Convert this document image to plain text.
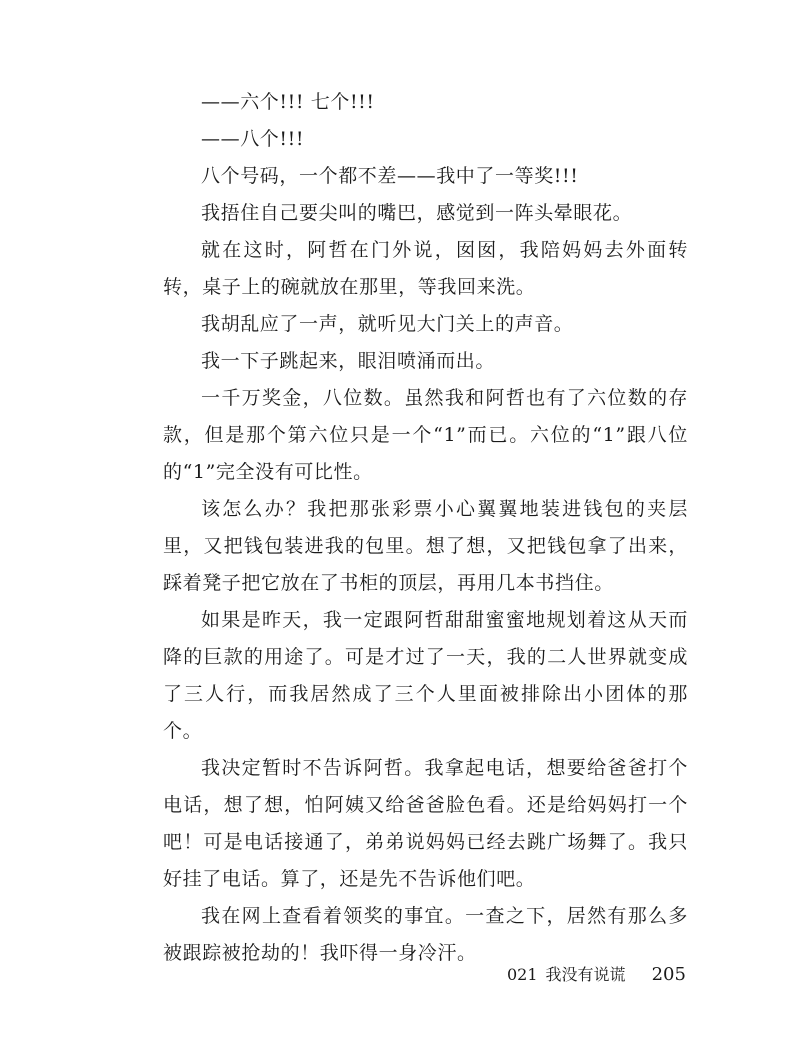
——六个!!! 七个!!!

——八个!!!

八个号码，一个都不差——我中了一等奖!!!

我捂住自己要尖叫的嘴巴，感觉到一阵头晕眼花。

就在这时，阿哲在门外说，囡囡，我陪妈妈去外面转转，桌子上的碗就放在那里，等我回来洗。

我胡乱应了一声，就听见大门关上的声音。

我一下子跳起来，眼泪喷涌而出。

一千万奖金，八位数。虽然我和阿哲也有了六位数的存款，但是那个第六位只是一个“1”而已。六位的“1”跟八位的“1”完全没有可比性。

该怎么办？我把那张彩票小心翼翼地装进钱包的夹层里，又把钱包装进我的包里。想了想，又把钱包拿了出来，踩着凳子把它放在了书柜的顶层，再用几本书挡住。

如果是昨天，我一定跟阿哲甜甜蜜蜜地规划着这从天而降的巨款的用途了。可是才过了一天，我的二人世界就变成了三人行，而我居然成了三个人里面被排除出小团体的那个。

我决定暂时不告诉阿哲。我拿起电话，想要给爸爸打个电话，想了想，怕阿姨又给爸爸脸色看。还是给妈妈打一个吧！可是电话接通了，弟弟说妈妈已经去跳广场舞了。我只好挂了电话。算了，还是先不告诉他们吧。

我在网上查看着领奖的事宜。一查之下，居然有那么多被跟踪被抢劫的！我吓得一身冷汗。

021 我没有说谎 205
